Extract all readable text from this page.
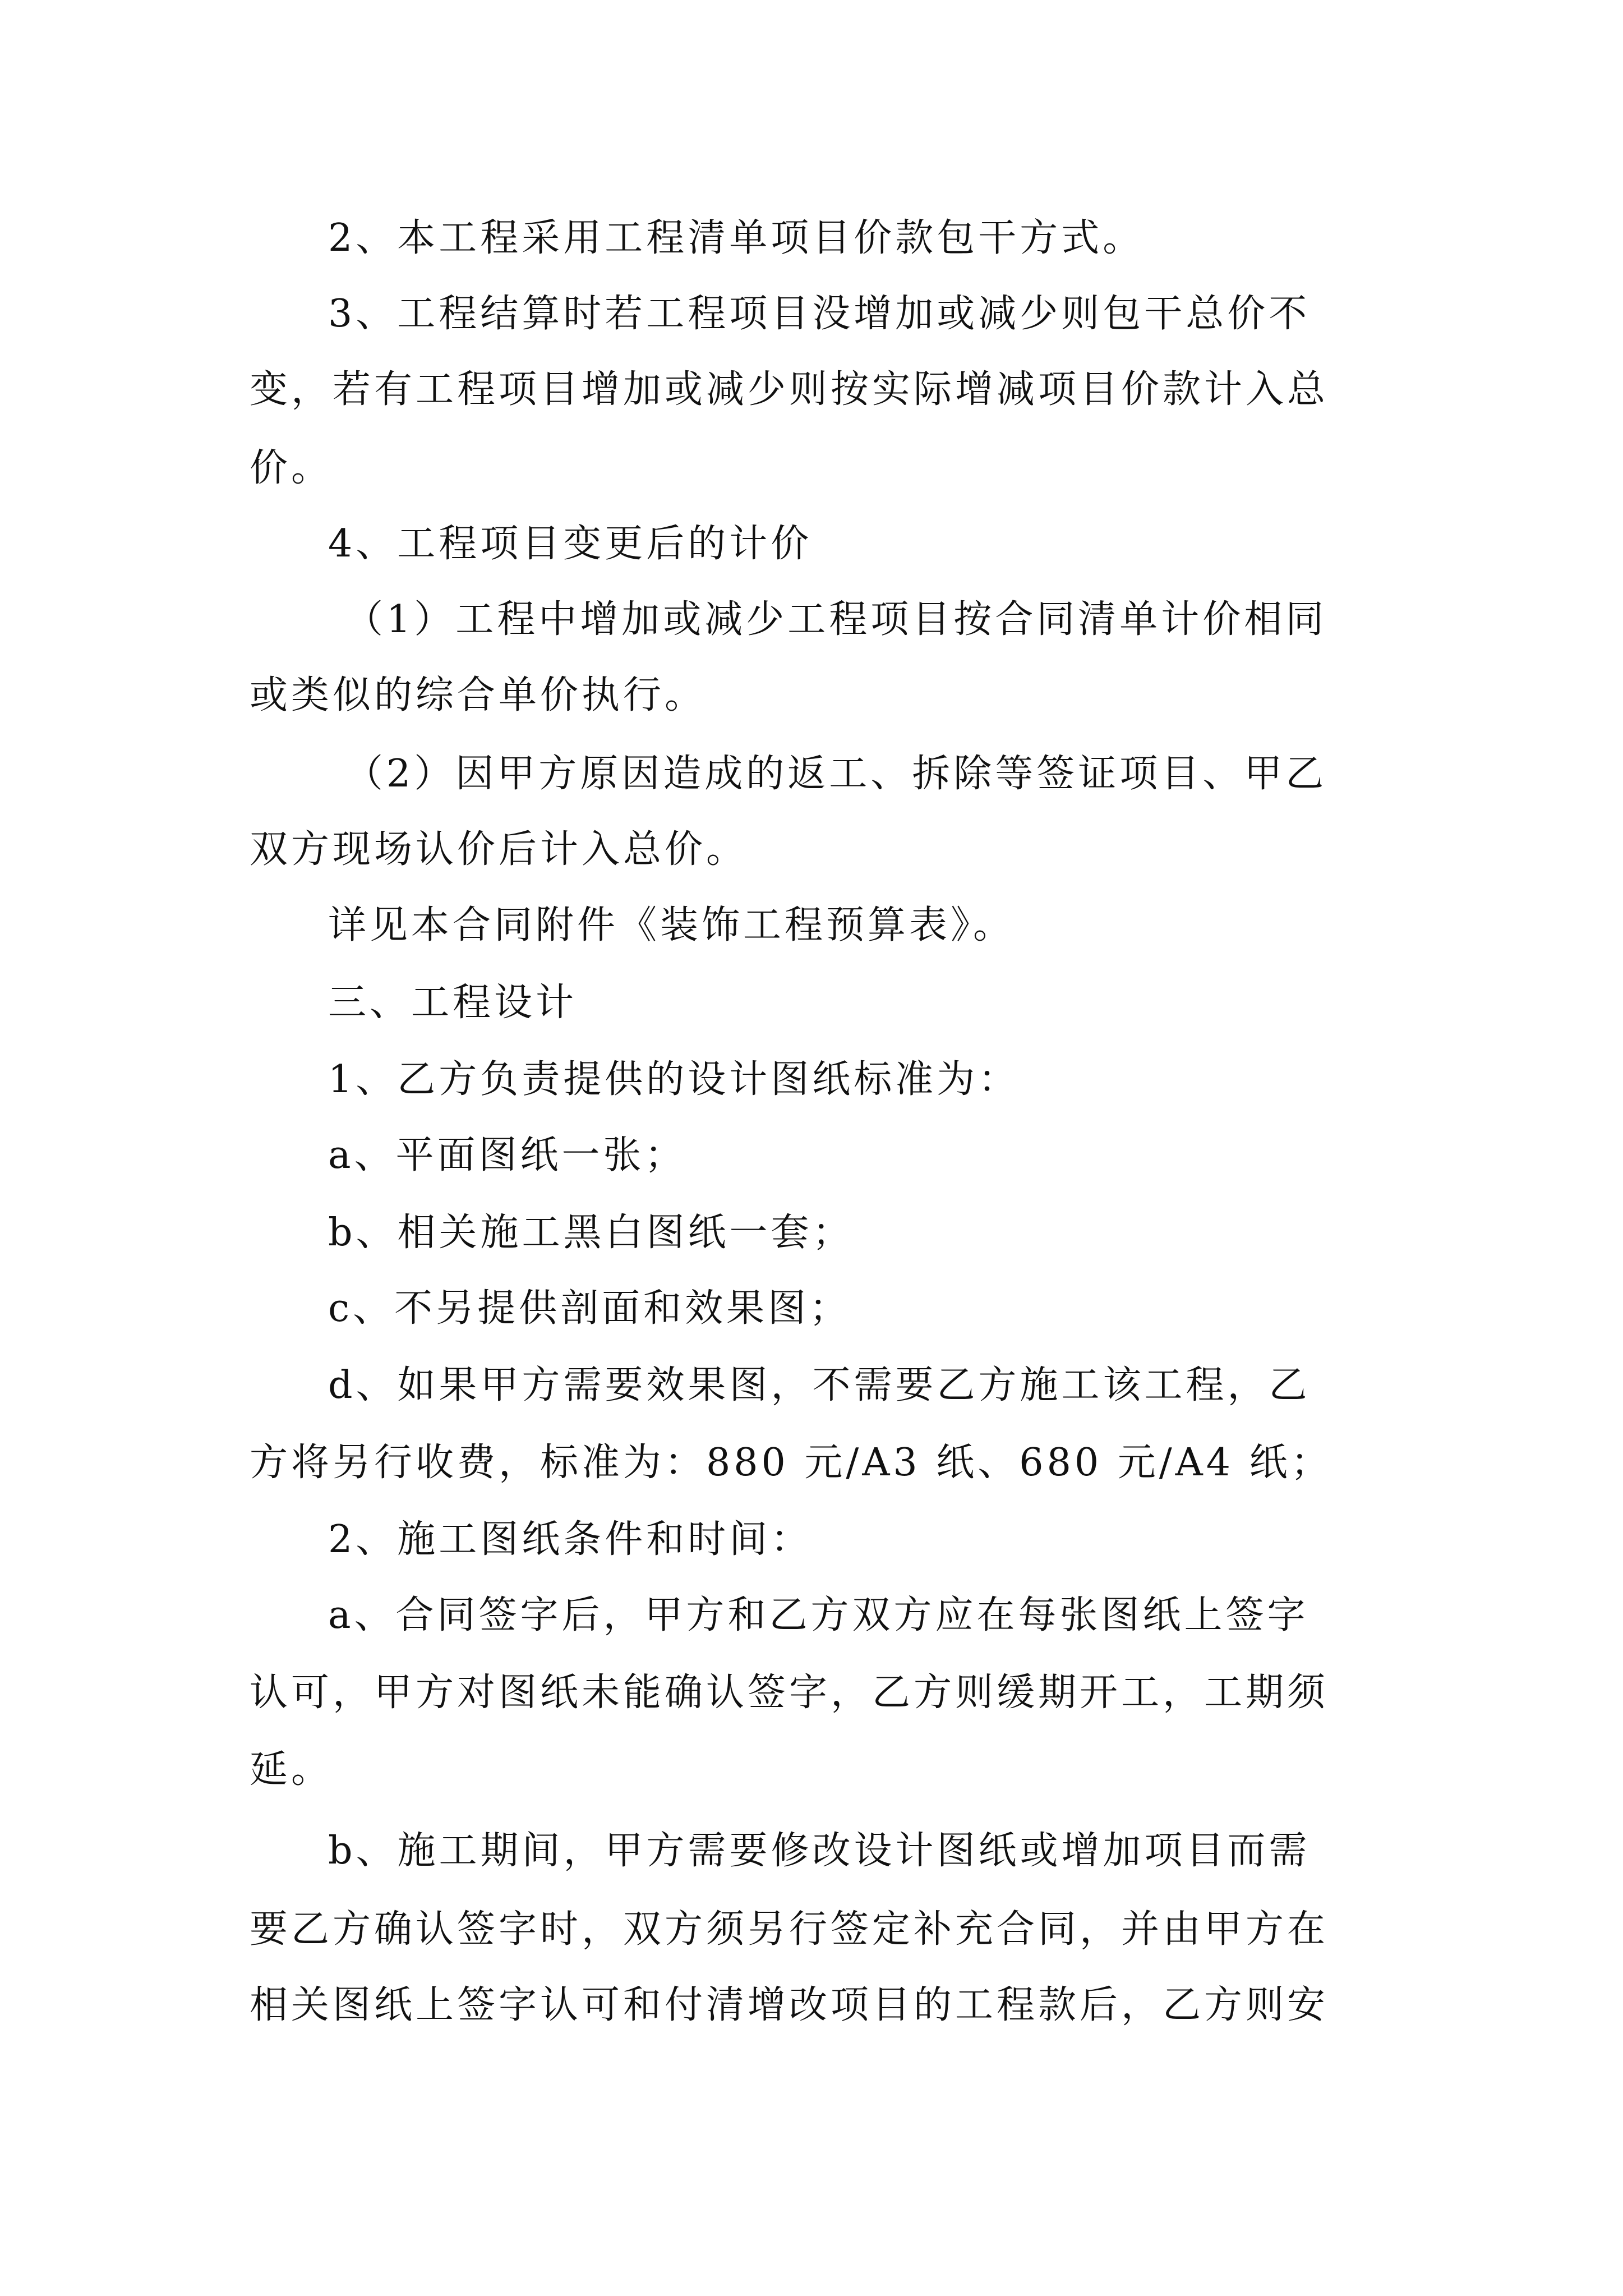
2、本工程采用工程清单项目价款包干方式。
3、工程结算时若工程项目没增加或减少则包干总价不
变，若有工程项目增加或减少则按实际增减项目价款计入总
价。
4、工程项目变更后的计价
（1）工程中增加或减少工程项目按合同清单计价相同
或类似的综合单价执行。
（2）因甲方原因造成的返工、拆除等签证项目、甲乙
双方现场认价后计入总价。
详见本合同附件《装饰工程预算表》。
三、工程设计
1、乙方负责提供的设计图纸标准为：
a、平面图纸一张；
b、相关施工黑白图纸一套；
c、不另提供剖面和效果图；
d、如果甲方需要效果图，不需要乙方施工该工程，乙
方将另行收费，标准为：880 元/A3 纸、680 元/A4 纸；
2、施工图纸条件和时间：
a、合同签字后，甲方和乙方双方应在每张图纸上签字
认可，甲方对图纸未能确认签字，乙方则缓期开工，工期须
延。
b、施工期间，甲方需要修改设计图纸或增加项目而需
要乙方确认签字时，双方须另行签定补充合同，并由甲方在
相关图纸上签字认可和付清增改项目的工程款后，乙方则安
